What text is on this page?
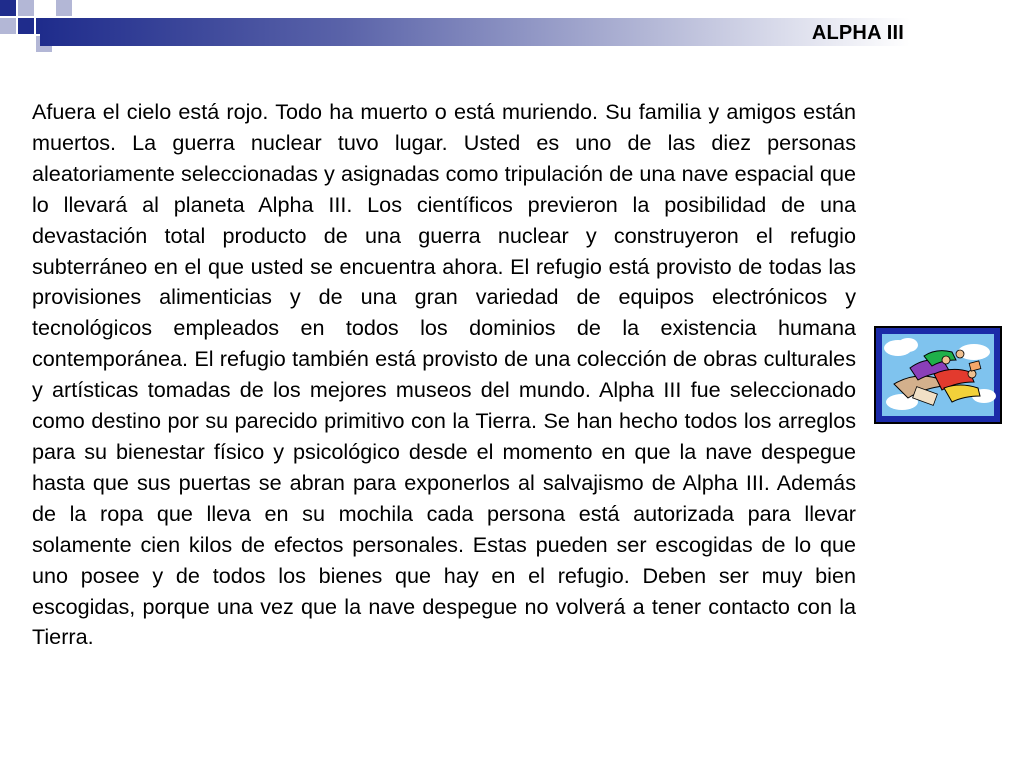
ALPHA III

Afuera el cielo está rojo. Todo ha muerto o está muriendo. Su familia y amigos están muertos. La guerra nuclear tuvo lugar. Usted es uno de las diez personas aleatoriamente seleccionadas y asignadas como tripulación de una nave espacial que lo llevará al planeta Alpha III. Los científicos previeron la posibilidad de una devastación total producto de una guerra nuclear y construyeron el refugio subterráneo en el que usted se encuentra ahora. El refugio está provisto de todas las provisiones alimenticias y de una gran variedad de equipos electrónicos y tecnológicos empleados en todos los dominios de la existencia humana contemporánea. El refugio también está provisto de una colección de obras culturales y artísticas tomadas de los mejores museos del mundo. Alpha III fue seleccionado como destino por su parecido primitivo con la Tierra. Se han hecho todos los arreglos para su bienestar físico y psicológico desde el momento en que la nave despegue hasta que sus puertas se abran para exponerlos al salvajismo de Alpha III. Además de la ropa que lleva en su mochila cada persona está autorizada para llevar solamente cien kilos de efectos personales. Estas pueden ser escogidas de lo que uno posee y de todos los bienes que hay en el refugio. Deben ser muy bien escogidas, porque una vez que la nave despegue no volverá a tener contacto con la Tierra.
